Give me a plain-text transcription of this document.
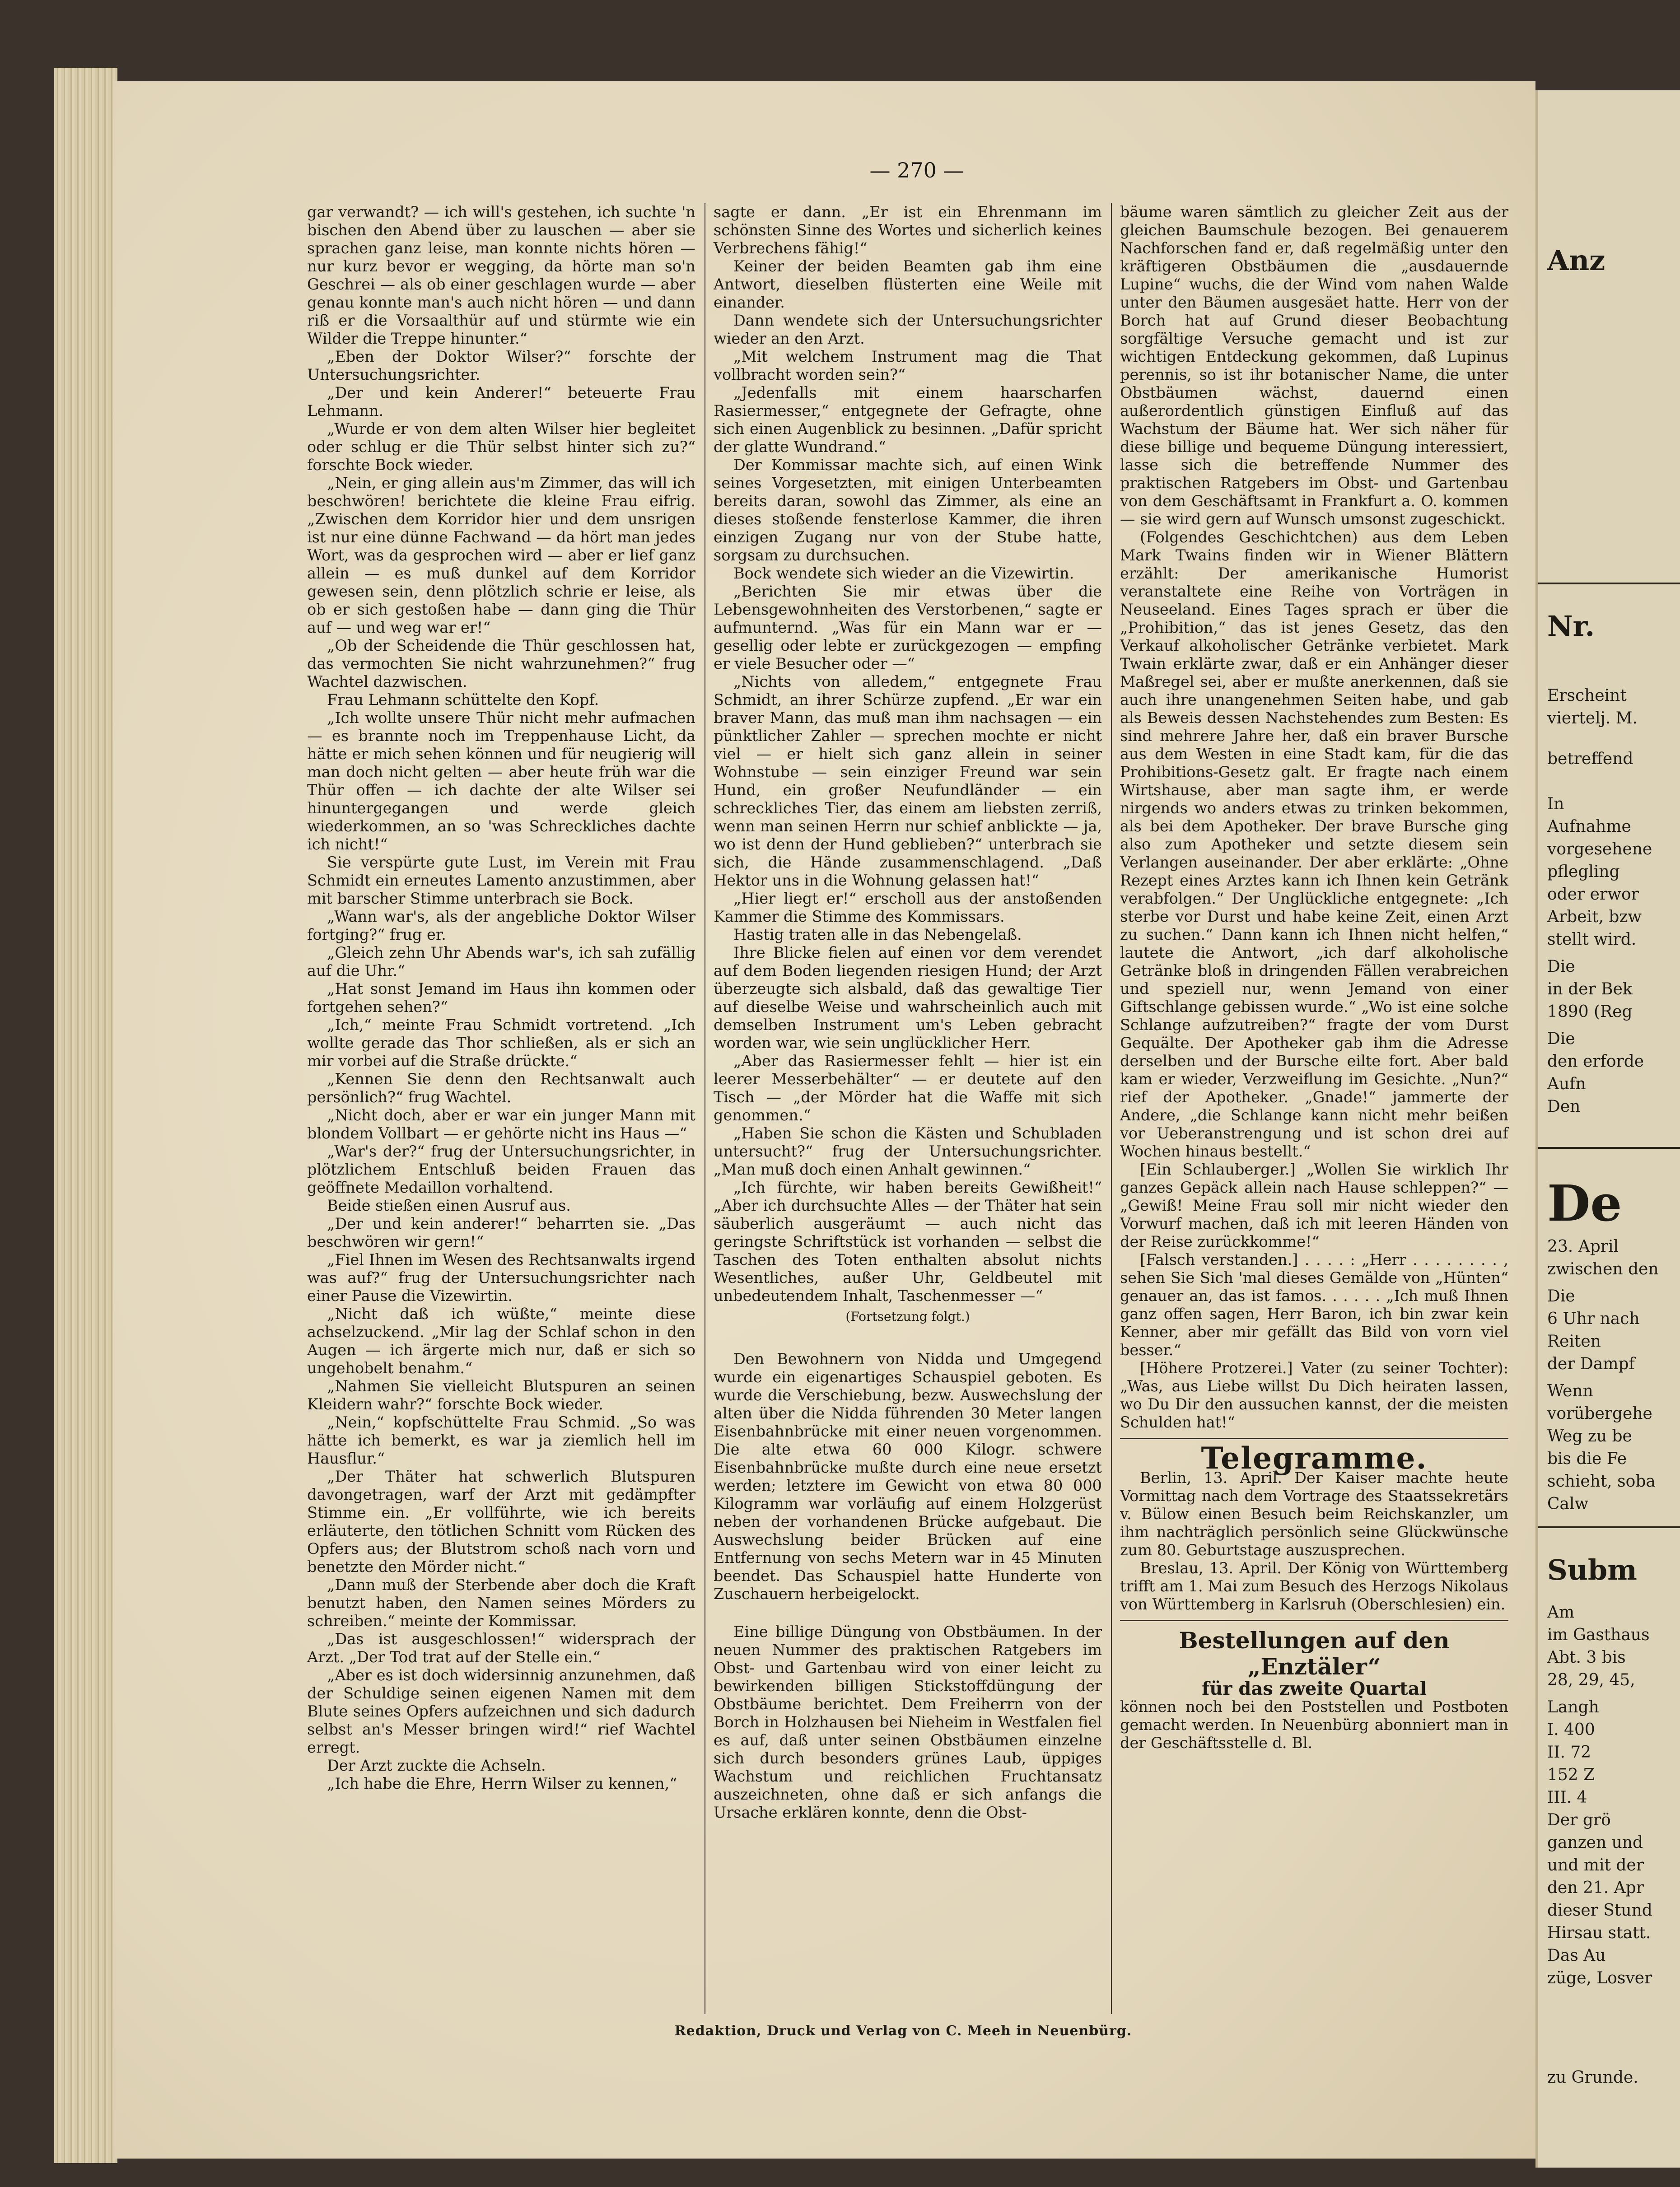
— 270 —

gar verwandt? — ich will's gestehen, ich suchte 'n bischen den Abend über zu lauschen — aber sie sprachen ganz leise, man konnte nichts hören — nur kurz bevor er wegging, da hörte man so'n Geschrei — als ob einer geschlagen wurde — aber genau konnte man's auch nicht hören — und dann riß er die Vorsaalthür auf und stürmte wie ein Wilder die Treppe hinunter.“

„Eben der Doktor Wilser?“ forschte der Untersuchungsrichter.

„Der und kein Anderer!“ beteuerte Frau Lehmann.

„Wurde er von dem alten Wilser hier begleitet oder schlug er die Thür selbst hinter sich zu?“ forschte Bock wieder.

„Nein, er ging allein aus'm Zimmer, das will ich beschwören! berichtete die kleine Frau eifrig. „Zwischen dem Korridor hier und dem unsrigen ist nur eine dünne Fachwand — da hört man jedes Wort, was da gesprochen wird — aber er lief ganz allein — es muß dunkel auf dem Korridor gewesen sein, denn plötzlich schrie er leise, als ob er sich gestoßen habe — dann ging die Thür auf — und weg war er!“

„Ob der Scheidende die Thür geschlossen hat, das vermochten Sie nicht wahrzunehmen?“ frug Wachtel dazwischen.

Frau Lehmann schüttelte den Kopf.

„Ich wollte unsere Thür nicht mehr aufmachen — es brannte noch im Treppenhause Licht, da hätte er mich sehen können und für neugierig will man doch nicht gelten — aber heute früh war die Thür offen — ich dachte der alte Wilser sei hinuntergegangen und werde gleich wiederkommen, an so 'was Schreckliches dachte ich nicht!“

Sie verspürte gute Lust, im Verein mit Frau Schmidt ein erneutes Lamento anzustimmen, aber mit barscher Stimme unterbrach sie Bock.

„Wann war's, als der angebliche Doktor Wilser fortging?“ frug er.

„Gleich zehn Uhr Abends war's, ich sah zufällig auf die Uhr.“

„Hat sonst Jemand im Haus ihn kommen oder fortgehen sehen?“

„Ich,“ meinte Frau Schmidt vortretend. „Ich wollte gerade das Thor schließen, als er sich an mir vorbei auf die Straße drückte.“

„Kennen Sie denn den Rechtsanwalt auch persönlich?“ frug Wachtel.

„Nicht doch, aber er war ein junger Mann mit blondem Vollbart — er gehörte nicht ins Haus —“

„War's der?“ frug der Untersuchungsrichter, in plötzlichem Entschluß beiden Frauen das geöffnete Medaillon vorhaltend.

Beide stießen einen Ausruf aus.

„Der und kein anderer!“ beharrten sie. „Das beschwören wir gern!“

„Fiel Ihnen im Wesen des Rechtsanwalts irgend was auf?“ frug der Untersuchungsrichter nach einer Pause die Vizewirtin.

„Nicht daß ich wüßte,“ meinte diese achselzuckend. „Mir lag der Schlaf schon in den Augen — ich ärgerte mich nur, daß er sich so ungehobelt benahm.“

„Nahmen Sie vielleicht Blutspuren an seinen Kleidern wahr?“ forschte Bock wieder.

„Nein,“ kopfschüttelte Frau Schmid. „So was hätte ich bemerkt, es war ja ziemlich hell im Hausflur.“

„Der Thäter hat schwerlich Blutspuren davongetragen, warf der Arzt mit gedämpfter Stimme ein. „Er vollführte, wie ich bereits erläuterte, den tötlichen Schnitt vom Rücken des Opfers aus; der Blutstrom schoß nach vorn und benetzte den Mörder nicht.“

„Dann muß der Sterbende aber doch die Kraft benutzt haben, den Namen seines Mörders zu schreiben.“ meinte der Kommissar.

„Das ist ausgeschlossen!“ widersprach der Arzt. „Der Tod trat auf der Stelle ein.“

„Aber es ist doch widersinnig anzunehmen, daß der Schuldige seinen eigenen Namen mit dem Blute seines Opfers aufzeichnen und sich dadurch selbst an's Messer bringen wird!“ rief Wachtel erregt.

Der Arzt zuckte die Achseln.

„Ich habe die Ehre, Herrn Wilser zu kennen,“

sagte er dann. „Er ist ein Ehrenmann im schönsten Sinne des Wortes und sicherlich keines Verbrechens fähig!“

Keiner der beiden Beamten gab ihm eine Antwort, dieselben flüsterten eine Weile mit einander.

Dann wendete sich der Untersuchungsrichter wieder an den Arzt.

„Mit welchem Instrument mag die That vollbracht worden sein?“

„Jedenfalls mit einem haarscharfen Rasiermesser,“ entgegnete der Gefragte, ohne sich einen Augenblick zu besinnen. „Dafür spricht der glatte Wundrand.“

Der Kommissar machte sich, auf einen Wink seines Vorgesetzten, mit einigen Unterbeamten bereits daran, sowohl das Zimmer, als eine an dieses stoßende fensterlose Kammer, die ihren einzigen Zugang nur von der Stube hatte, sorgsam zu durchsuchen.

Bock wendete sich wieder an die Vizewirtin.

„Berichten Sie mir etwas über die Lebensgewohnheiten des Verstorbenen,“ sagte er aufmunternd. „Was für ein Mann war er — gesellig oder lebte er zurückgezogen — empfing er viele Besucher oder —“

„Nichts von alledem,“ entgegnete Frau Schmidt, an ihrer Schürze zupfend. „Er war ein braver Mann, das muß man ihm nachsagen — ein pünktlicher Zahler — sprechen mochte er nicht viel — er hielt sich ganz allein in seiner Wohnstube — sein einziger Freund war sein Hund, ein großer Neufundländer — ein schreckliches Tier, das einem am liebsten zerriß, wenn man seinen Herrn nur schief anblickte — ja, wo ist denn der Hund geblieben?“ unterbrach sie sich, die Hände zusammenschlagend. „Daß Hektor uns in die Wohnung gelassen hat!“

„Hier liegt er!“ erscholl aus der anstoßenden Kammer die Stimme des Kommissars.

Hastig traten alle in das Nebengelaß.

Ihre Blicke fielen auf einen vor dem verendet auf dem Boden liegenden riesigen Hund; der Arzt überzeugte sich alsbald, daß das gewaltige Tier auf dieselbe Weise und wahrscheinlich auch mit demselben Instrument um's Leben gebracht worden war, wie sein unglücklicher Herr.

„Aber das Rasiermesser fehlt — hier ist ein leerer Messerbehälter“ — er deutete auf den Tisch — „der Mörder hat die Waffe mit sich genommen.“

„Haben Sie schon die Kästen und Schubladen untersucht?“ frug der Untersuchungsrichter. „Man muß doch einen Anhalt gewinnen.“

„Ich fürchte, wir haben bereits Gewißheit!“ „Aber ich durchsuchte Alles — der Thäter hat sein säuberlich ausgeräumt — auch nicht das geringste Schriftstück ist vorhanden — selbst die Taschen des Toten enthalten absolut nichts Wesentliches, außer Uhr, Geldbeutel mit unbedeutendem Inhalt, Taschenmesser —“

(Fortsetzung folgt.)

Den Bewohnern von Nidda und Umgegend wurde ein eigenartiges Schauspiel geboten. Es wurde die Verschiebung, bezw. Auswechslung der alten über die Nidda führenden 30 Meter langen Eisenbahnbrücke mit einer neuen vorgenommen. Die alte etwa 60 000 Kilogr. schwere Eisenbahnbrücke mußte durch eine neue ersetzt werden; letztere im Gewicht von etwa 80 000 Kilogramm war vorläufig auf einem Holzgerüst neben der vorhandenen Brücke aufgebaut. Die Auswechslung beider Brücken auf eine Entfernung von sechs Metern war in 45 Minuten beendet. Das Schauspiel hatte Hunderte von Zuschauern herbeigelockt.

Eine billige Düngung von Obstbäumen. In der neuen Nummer des praktischen Ratgebers im Obst- und Gartenbau wird von einer leicht zu bewirkenden billigen Stickstoffdüngung der Obstbäume berichtet. Dem Freiherrn von der Borch in Holzhausen bei Nieheim in Westfalen fiel es auf, daß unter seinen Obstbäumen einzelne sich durch besonders grünes Laub, üppiges Wachstum und reichlichen Fruchtansatz auszeichneten, ohne daß er sich anfangs die Ursache erklären konnte, denn die Obst-

bäume waren sämtlich zu gleicher Zeit aus der gleichen Baumschule bezogen. Bei genauerem Nachforschen fand er, daß regelmäßig unter den kräftigeren Obstbäumen die „ausdauernde Lupine“ wuchs, die der Wind vom nahen Walde unter den Bäumen ausgesäet hatte. Herr von der Borch hat auf Grund dieser Beobachtung sorgfältige Versuche gemacht und ist zur wichtigen Entdeckung gekommen, daß Lupinus perennis, so ist ihr botanischer Name, die unter Obstbäumen wächst, dauernd einen außerordentlich günstigen Einfluß auf das Wachstum der Bäume hat. Wer sich näher für diese billige und bequeme Düngung interessiert, lasse sich die betreffende Nummer des praktischen Ratgebers im Obst- und Gartenbau von dem Geschäftsamt in Frankfurt a. O. kommen — sie wird gern auf Wunsch umsonst zugeschickt.

(Folgendes Geschichtchen) aus dem Leben Mark Twains finden wir in Wiener Blättern erzählt: Der amerikanische Humorist veranstaltete eine Reihe von Vorträgen in Neuseeland. Eines Tages sprach er über die „Prohibition,“ das ist jenes Gesetz, das den Verkauf alkoholischer Getränke verbietet. Mark Twain erklärte zwar, daß er ein Anhänger dieser Maßregel sei, aber er mußte anerkennen, daß sie auch ihre unangenehmen Seiten habe, und gab als Beweis dessen Nachstehendes zum Besten: Es sind mehrere Jahre her, daß ein braver Bursche aus dem Westen in eine Stadt kam, für die das Prohibitions-Gesetz galt. Er fragte nach einem Wirtshause, aber man sagte ihm, er werde nirgends wo anders etwas zu trinken bekommen, als bei dem Apotheker. Der brave Bursche ging also zum Apotheker und setzte diesem sein Verlangen auseinander. Der aber erklärte: „Ohne Rezept eines Arztes kann ich Ihnen kein Getränk verabfolgen.“ Der Unglückliche entgegnete: „Ich sterbe vor Durst und habe keine Zeit, einen Arzt zu suchen.“ Dann kann ich Ihnen nicht helfen,“ lautete die Antwort, „ich darf alkoholische Getränke bloß in dringenden Fällen verabreichen und speziell nur, wenn Jemand von einer Giftschlange gebissen wurde.“ „Wo ist eine solche Schlange aufzutreiben?“ fragte der vom Durst Gequälte. Der Apotheker gab ihm die Adresse derselben und der Bursche eilte fort. Aber bald kam er wieder, Verzweiflung im Gesichte. „Nun?“ rief der Apotheker. „Gnade!“ jammerte der Andere, „die Schlange kann nicht mehr beißen vor Ueberanstrengung und ist schon drei auf Wochen hinaus bestellt.“

[Ein Schlauberger.] „Wollen Sie wirklich Ihr ganzes Gepäck allein nach Hause schleppen?“ — „Gewiß! Meine Frau soll mir nicht wieder den Vorwurf machen, daß ich mit leeren Händen von der Reise zurückkomme!“

[Falsch verstanden.] . . . . : „Herr . . . . . . . . , sehen Sie Sich 'mal dieses Gemälde von „Hünten“ genauer an, das ist famos. . . . . . „Ich muß Ihnen ganz offen sagen, Herr Baron, ich bin zwar kein Kenner, aber mir gefällt das Bild von vorn viel besser.“

[Höhere Protzerei.] Vater (zu seiner Tochter): „Was, aus Liebe willst Du Dich heiraten lassen, wo Du Dir den aussuchen kannst, der die meisten Schulden hat!“

Telegramme.

Berlin, 13. April. Der Kaiser machte heute Vormittag nach dem Vortrage des Staatssekretärs v. Bülow einen Besuch beim Reichskanzler, um ihm nachträglich persönlich seine Glückwünsche zum 80. Geburtstage auszusprechen.

Breslau, 13. April. Der König von Württemberg trifft am 1. Mai zum Besuch des Herzogs Nikolaus von Württemberg in Karlsruh (Oberschlesien) ein.

Bestellungen auf den „Enztäler“
für das zweite Quartal

können noch bei den Poststellen und Postboten gemacht werden. In Neuenbürg abonniert man in der Geschäftsstelle d. Bl.

Redaktion, Druck und Verlag von C. Meeh in Neuenbürg.
Anz
Nr.
Erscheint
viertelj. M.
betreffend
In
Aufnahme
vorgesehene
pflegling
oder erwor
Arbeit, bzw
stellt wird.
Die
in der Bek
1890 (Reg
Die
den erforde
Aufn
Den
De
23. April
zwischen den
Die
6 Uhr nach
Reiten
der Dampf
Wenn
vorübergehe
Weg zu be
bis die Fe
schieht, soba
Calw
Subm
Am
im Gasthaus
Abt. 3 bis
28, 29, 45,
Langh
I. 400
II. 72
152 Z
III. 4
Der grö
ganzen und
und mit der
den 21. Apr
dieser Stund
Hirsau statt.
Das Au
züge, Losver
zu Grunde.
